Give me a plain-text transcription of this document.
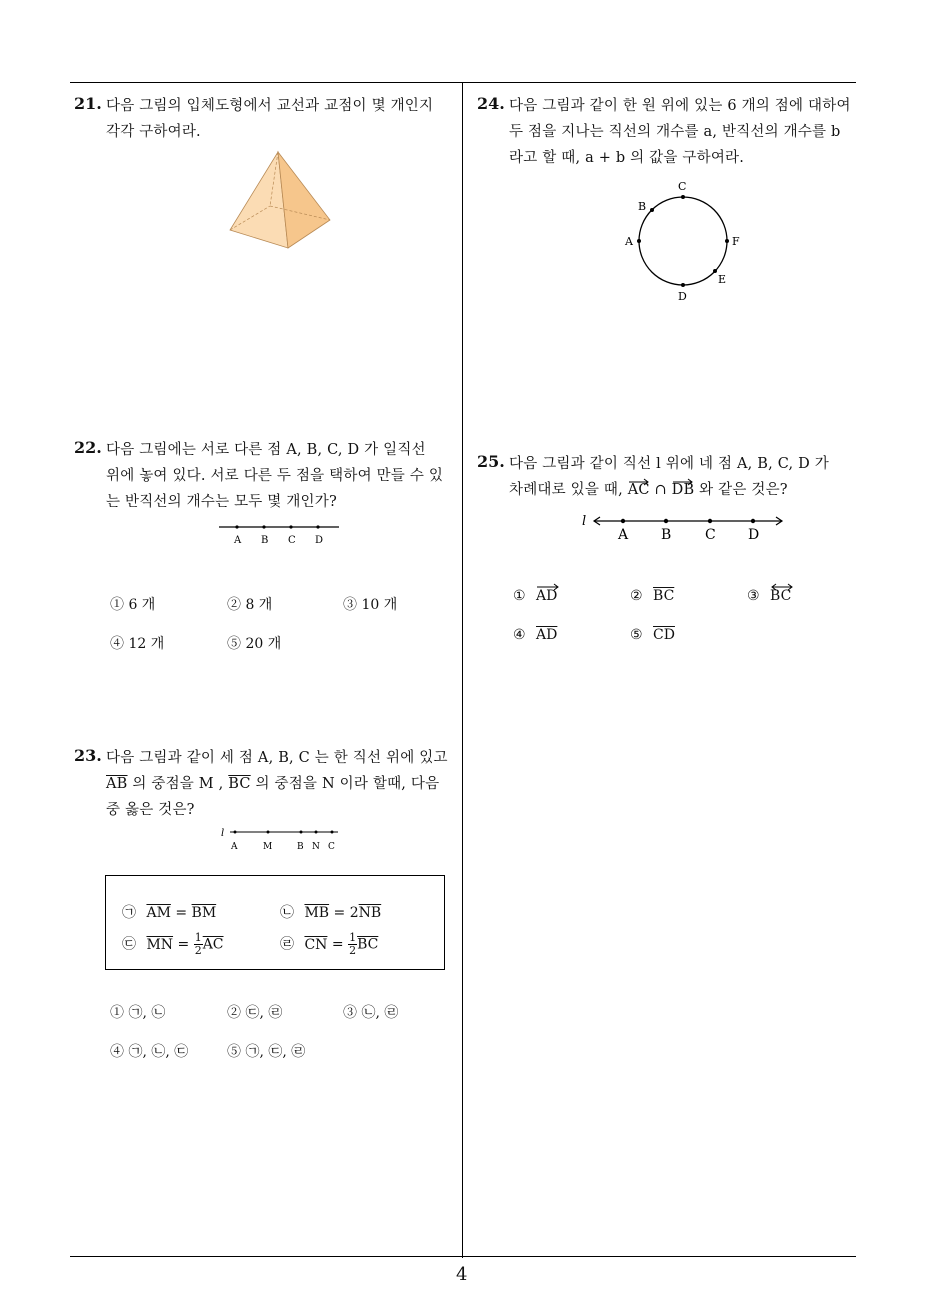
4
21. 다음 그림의 입체도형에서 교선과 교점이 몇 개인지
각각 구하여라.
22. 다음 그림에는 서로 다른 점 A, B, C, D 가 일직선
위에 놓여 있다. 서로 다른 두 점을 택하여 만들 수 있
는 반직선의 개수는 모두 몇 개인가?
A B C D
① 6 개	② 8 개	③ 10 개
④ 12 개	⑤ 20 개
23. 다음 그림과 같이 세 점 A, B, C 는 한 직선 위에 있고
$\overline{AB}$ 의 중점을 M , $\overline{BC}$ 의 중점을 N 이라 할때, 다음
중 옳은 것은?
l
A	M	B N C
㉠ $\overline{AM} = \overline{BM}$	㉡ $\overline{MB} = 2\overline{NB}$
㉢ $\overline{MN} = \frac{1}{2} \overline{AC}$	㉣ $\overline{CN} = \frac{1}{2} \overline{BC}$
① ㉠, ㉡	② ㉢, ㉣	③ ㉡, ㉣
④ ㉠, ㉡, ㉢	⑤ ㉠, ㉢, ㉣
24. 다음 그림과 같이 한 원 위에 있는 6 개의 점에 대하여
두 점을 지나는 직선의 개수를 a, 반직선의 개수를 b
라고 할 때, a + b 의 값을 구하여라.
A
B
C
D
E
F
25. 다음 그림과 같이 직선 l 위에 네 점 A, B, C, D 가
차례대로 있을 때,
AC ∩
DB 와 같은 것은?
l
A B C D
① AD	② $\overline{BC}$	③ BC
④ $\overline{AD}$	⑤ $\overline{CD}$
